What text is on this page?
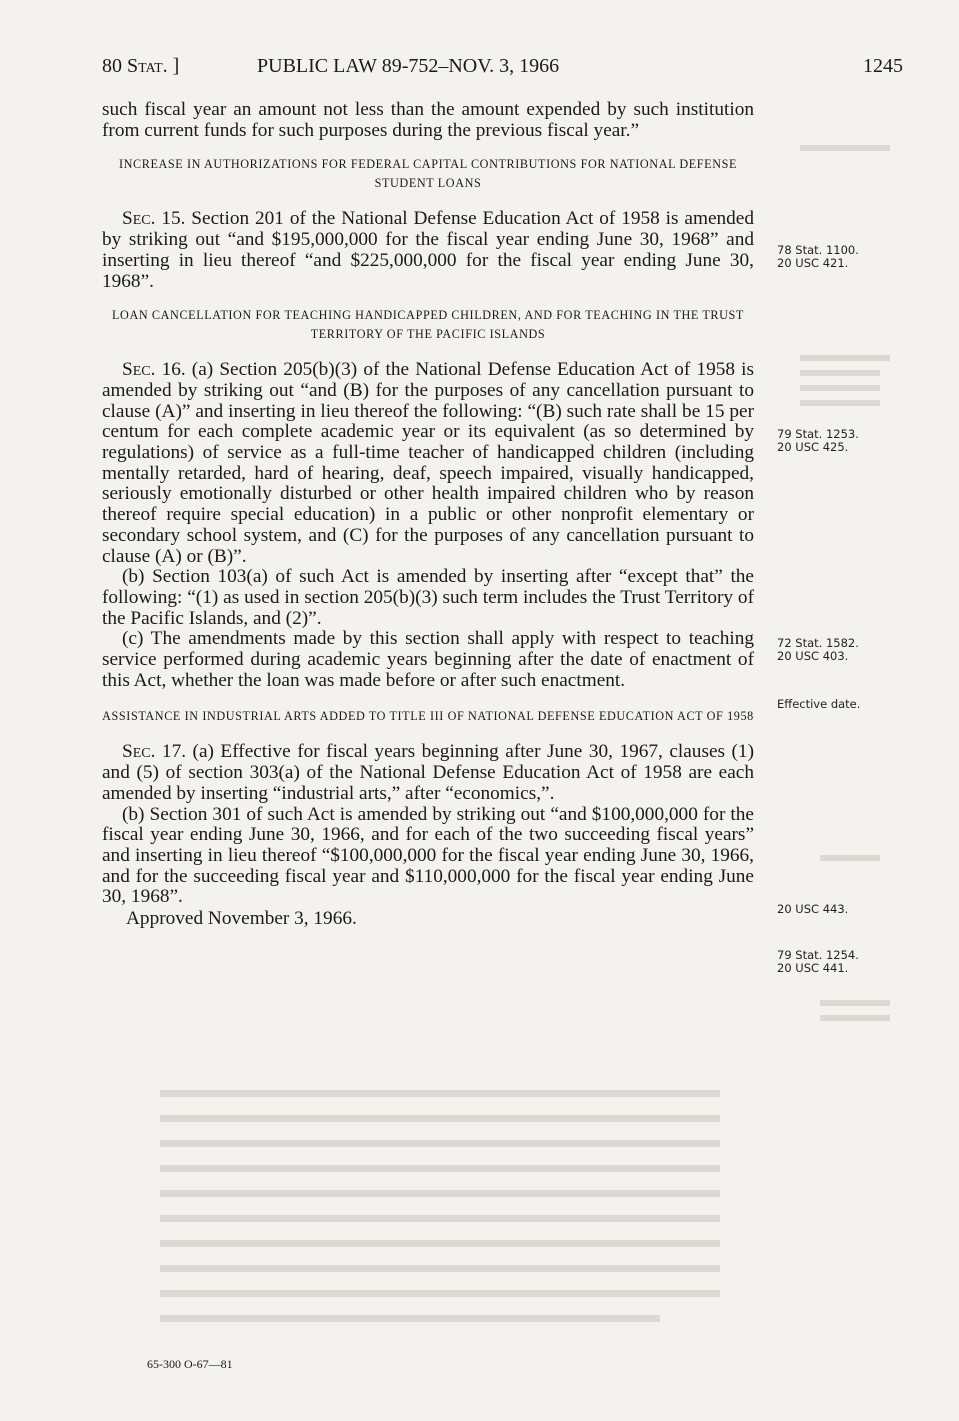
80 Stat. ]	PUBLIC LAW 89-752–NOV. 3, 1966	1245

such fiscal year an amount not less than the amount expended by such institution from current funds for such purposes during the previous fiscal year.”

INCREASE IN AUTHORIZATIONS FOR FEDERAL CAPITAL CONTRIBUTIONS FOR NATIONAL DEFENSE STUDENT LOANS

Sec. 15. Section 201 of the National Defense Education Act of 1958 is amended by striking out “and $195,000,000 for the fiscal year ending June 30, 1968” and inserting in lieu thereof “and $225,000,000 for the fiscal year ending June 30, 1968”.

LOAN CANCELLATION FOR TEACHING HANDICAPPED CHILDREN, AND FOR TEACHING IN THE TRUST TERRITORY OF THE PACIFIC ISLANDS

Sec. 16. (a) Section 205(b)(3) of the National Defense Education Act of 1958 is amended by striking out “and (B) for the purposes of any cancellation pursuant to clause (A)” and inserting in lieu thereof the following: “(B) such rate shall be 15 per centum for each complete academic year or its equivalent (as so determined by regulations) of service as a full-time teacher of handicapped children (including mentally retarded, hard of hearing, deaf, speech impaired, visually handicapped, seriously emotionally disturbed or other health impaired children who by reason thereof require special education) in a public or other nonprofit elementary or secondary school system, and (C) for the purposes of any cancellation pursuant to clause (A) or (B)”.

(b) Section 103(a) of such Act is amended by inserting after “except that” the following: “(1) as used in section 205(b)(3) such term includes the Trust Territory of the Pacific Islands, and (2)”.

(c) The amendments made by this section shall apply with respect to teaching service performed during academic years beginning after the date of enactment of this Act, whether the loan was made before or after such enactment.

ASSISTANCE IN INDUSTRIAL ARTS ADDED TO TITLE III OF NATIONAL DEFENSE EDUCATION ACT OF 1958

Sec. 17. (a) Effective for fiscal years beginning after June 30, 1967, clauses (1) and (5) of section 303(a) of the National Defense Education Act of 1958 are each amended by inserting “industrial arts,” after “economics,”.

(b) Section 301 of such Act is amended by striking out “and $100,000,000 for the fiscal year ending June 30, 1966, and for each of the two succeeding fiscal years” and inserting in lieu thereof “$100,000,000 for the fiscal year ending June 30, 1966, and for the succeeding fiscal year and $110,000,000 for the fiscal year ending June 30, 1968”.

Approved November 3, 1966.

78 Stat. 1100.
20 USC 421.
79 Stat. 1253.
20 USC 425.
72 Stat. 1582.
20 USC 403.
Effective date.
20 USC 443.
79 Stat. 1254.
20 USC 441.
65-300 O-67—81
